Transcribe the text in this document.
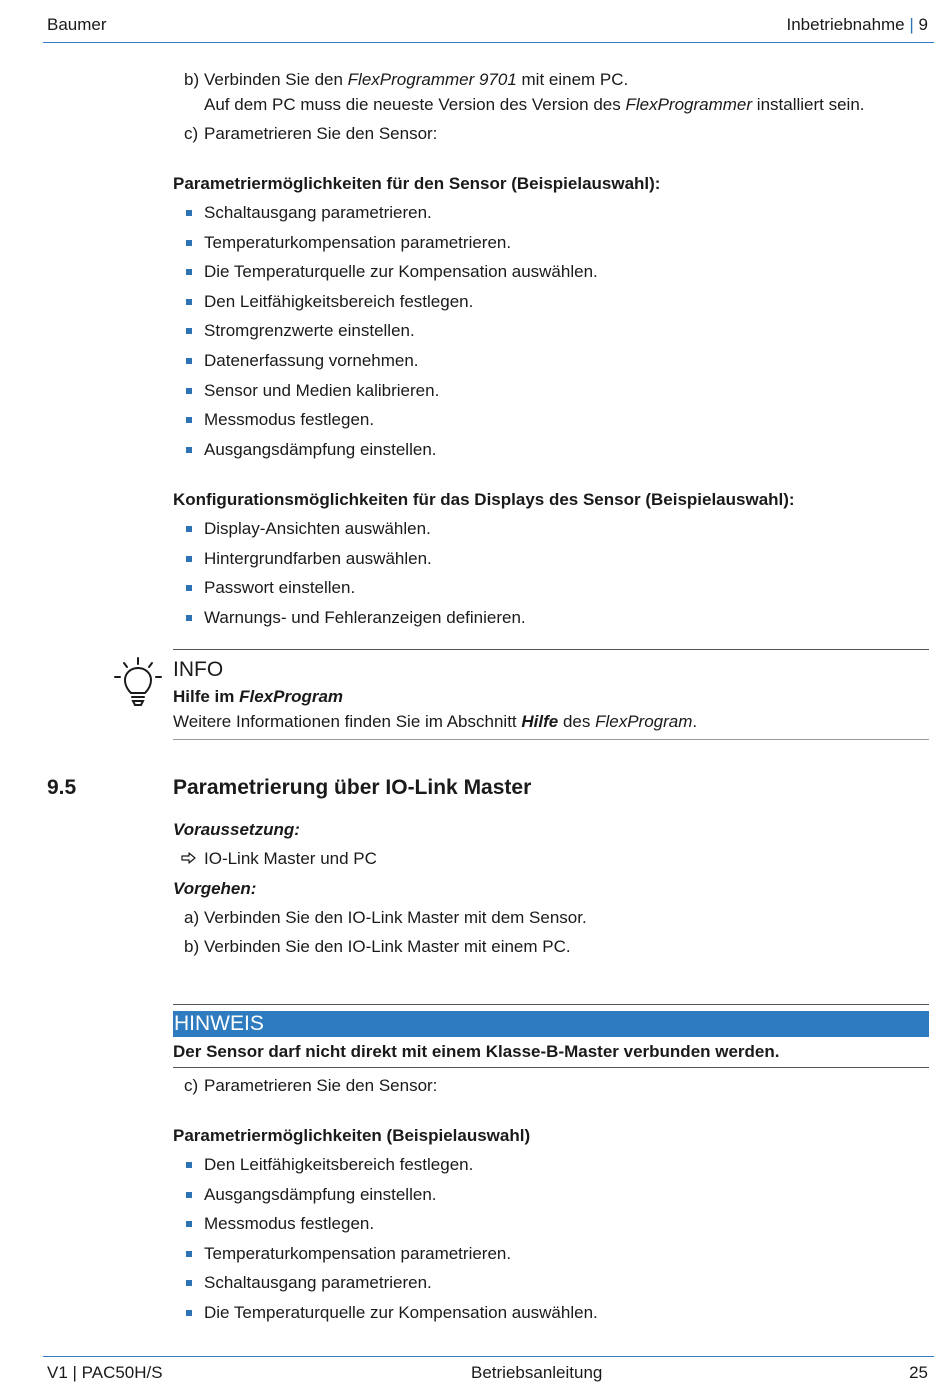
Baumer	Inbetriebnahme | 9
b) Verbinden Sie den FlexProgrammer 9701 mit einem PC.
Auf dem PC muss die neueste Version des Version des FlexProgrammer installiert sein.
c) Parametrieren Sie den Sensor:
Parametriermöglichkeiten für den Sensor (Beispielauswahl):
Schaltausgang parametrieren.
Temperaturkompensation parametrieren.
Die Temperaturquelle zur Kompensation auswählen.
Den Leitfähigkeitsbereich festlegen.
Stromgrenzwerte einstellen.
Datenerfassung vornehmen.
Sensor und Medien kalibrieren.
Messmodus festlegen.
Ausgangsdämpfung einstellen.
Konfigurationsmöglichkeiten für das Displays des Sensor (Beispielauswahl):
Display-Ansichten auswählen.
Hintergrundfarben auswählen.
Passwort einstellen.
Warnungs- und Fehleranzeigen definieren.
INFO
Hilfe im FlexProgram
Weitere Informationen finden Sie im Abschnitt Hilfe des FlexProgram.
9.5	Parametrierung über IO-Link Master
Voraussetzung:
IO-Link Master und PC
Vorgehen:
a) Verbinden Sie den IO-Link Master mit dem Sensor.
b) Verbinden Sie den IO-Link Master mit einem PC.
HINWEIS
Der Sensor darf nicht direkt mit einem Klasse-B-Master verbunden werden.
c) Parametrieren Sie den Sensor:
Parametriermöglichkeiten (Beispielauswahl)
Den Leitfähigkeitsbereich festlegen.
Ausgangsdämpfung einstellen.
Messmodus festlegen.
Temperaturkompensation parametrieren.
Schaltausgang parametrieren.
Die Temperaturquelle zur Kompensation auswählen.
V1 | PAC50H/S	Betriebsanleitung	25
